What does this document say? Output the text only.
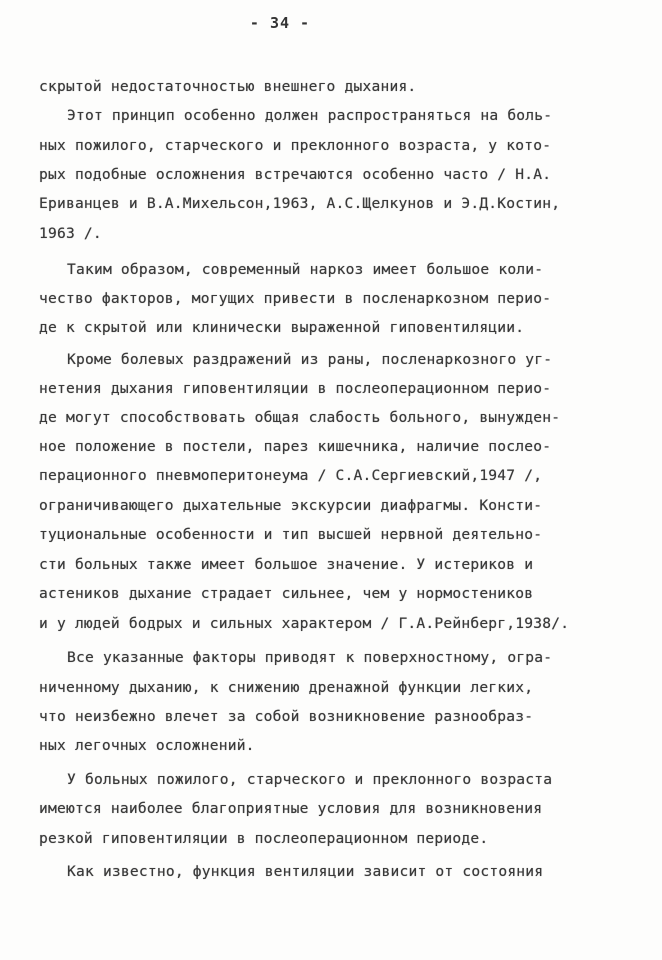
- 34 -
скрытой недостаточностью внешнего дыхания.
Этот принцип особенно должен распространяться на боль-
ных пожилого, старческого и преклонного возраста, у кото-
рых подобные осложнения встречаются особенно часто / Н.А.
Ериванцев и В.А.Михельсон,1963, А.С.Щелкунов и Э.Д.Костин,
1963 /.
Таким образом, современный наркоз имеет большое коли-
чество факторов, могущих привести в посленаркозном перио-
де к скрытой или клинически выраженной гиповентиляции.
Кроме болевых раздражений из раны, посленаркозного уг-
нетения дыхания гиповентиляции в послеоперационном перио-
де могут способствовать общая слабость больного, вынужден-
ное положение в постели, парез кишечника, наличие послео-
перационного пневмоперитонеума / С.А.Сергиевский,1947 /,
ограничивающего дыхательные экскурсии диафрагмы. Консти-
туциональные особенности и тип высшей нервной деятельно-
сти больных также имеет большое значение. У истериков и
астеников дыхание страдает сильнее, чем у нормостеников
и у людей бодрых и сильных характером / Г.А.Рейнберг,1938/.
Все указанные факторы приводят к поверхностному, огра-
ниченному дыханию, к снижению дренажной функции легких,
что неизбежно влечет за собой возникновение разнообраз-
ных легочных осложнений.
У больных пожилого, старческого и преклонного возраста
имеются наиболее благоприятные условия для возникновения
резкой гиповентиляции в послеоперационном периоде.
Как известно, функция вентиляции зависит от состояния
